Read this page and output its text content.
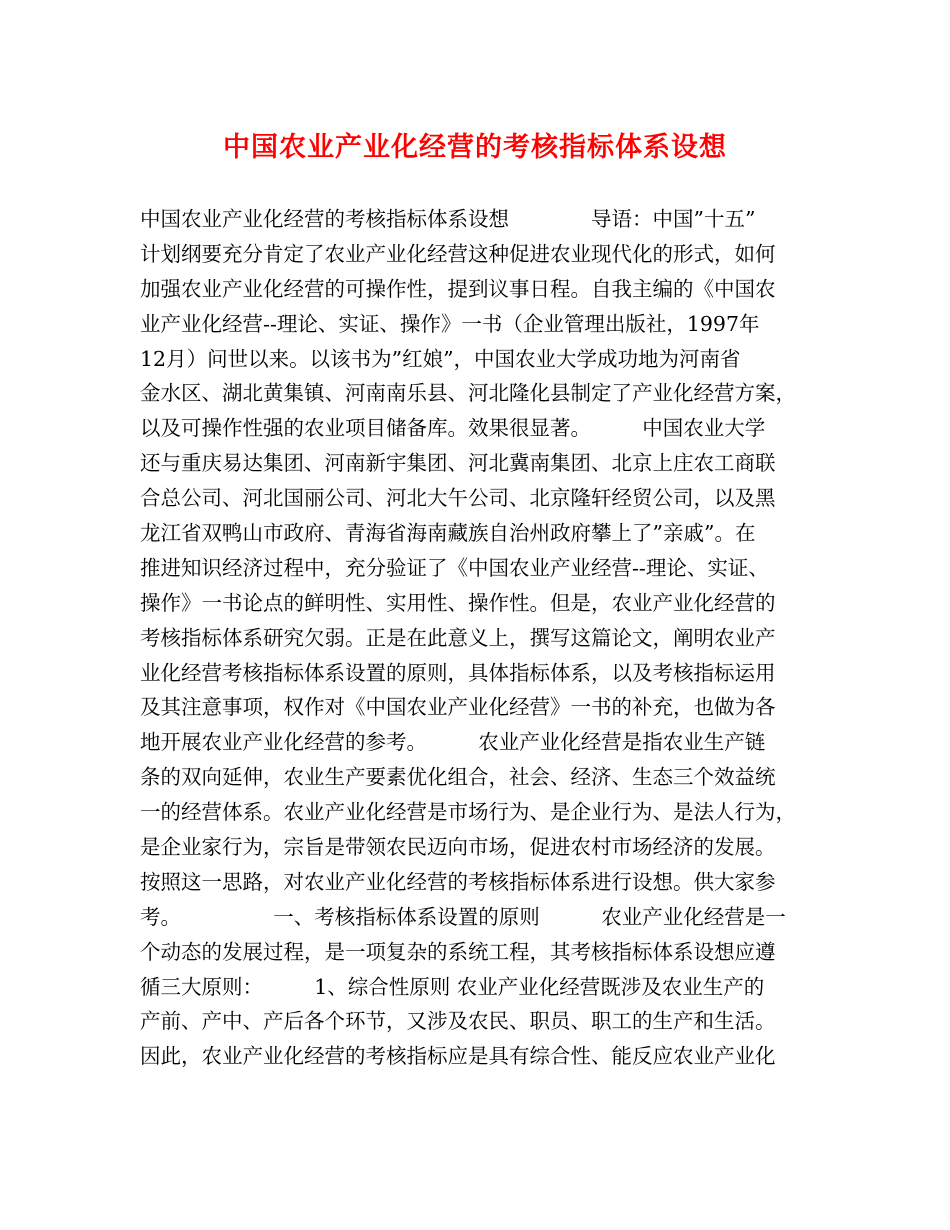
中国农业产业化经营的考核指标体系设想
中国农业产业化经营的考核指标体系设想　　　　导语：中国”十五”
计划纲要充分肯定了农业产业化经营这种促进农业现代化的形式，如何
加强农业产业化经营的可操作性，提到议事日程。自我主编的《中国农
业产业化经营--理论、实证、操作》一书（企业管理出版社，1997年
12月）问世以来。以该书为”红娘”，中国农业大学成功地为河南省
金水区、湖北黄集镇、河南南乐县、河北隆化县制定了产业化经营方案，
以及可操作性强的农业项目储备库。效果很显著。　　　中国农业大学
还与重庆易达集团、河南新宇集团、河北冀南集团、北京上庄农工商联
合总公司、河北国丽公司、河北大午公司、北京隆轩经贸公司，以及黑
龙江省双鸭山市政府、青海省海南藏族自治州政府攀上了”亲戚”。在
推进知识经济过程中，充分验证了《中国农业产业经营--理论、实证、
操作》一书论点的鲜明性、实用性、操作性。但是，农业产业化经营的
考核指标体系研究欠弱。正是在此意义上，撰写这篇论文，阐明农业产
业化经营考核指标体系设置的原则，具体指标体系，以及考核指标运用
及其注意事项，权作对《中国农业产业化经营》一书的补充，也做为各
地开展农业产业化经营的参考。　　　农业产业化经营是指农业生产链
条的双向延伸，农业生产要素优化组合，社会、经济、生态三个效益统
一的经营体系。农业产业化经营是市场行为、是企业行为、是法人行为，
是企业家行为，宗旨是带领农民迈向市场，促进农村市场经济的发展。
按照这一思路，对农业产业化经营的考核指标体系进行设想。供大家参
考。　　　　　一、考核指标体系设置的原则　　　农业产业化经营是一
个动态的发展过程，是一项复杂的系统工程，其考核指标体系设想应遵
循三大原则：　　　1、综合性原则 农业产业化经营既涉及农业生产的
产前、产中、产后各个环节，又涉及农民、职员、职工的生产和生活。
因此，农业产业化经营的考核指标应是具有综合性、能反应农业产业化
